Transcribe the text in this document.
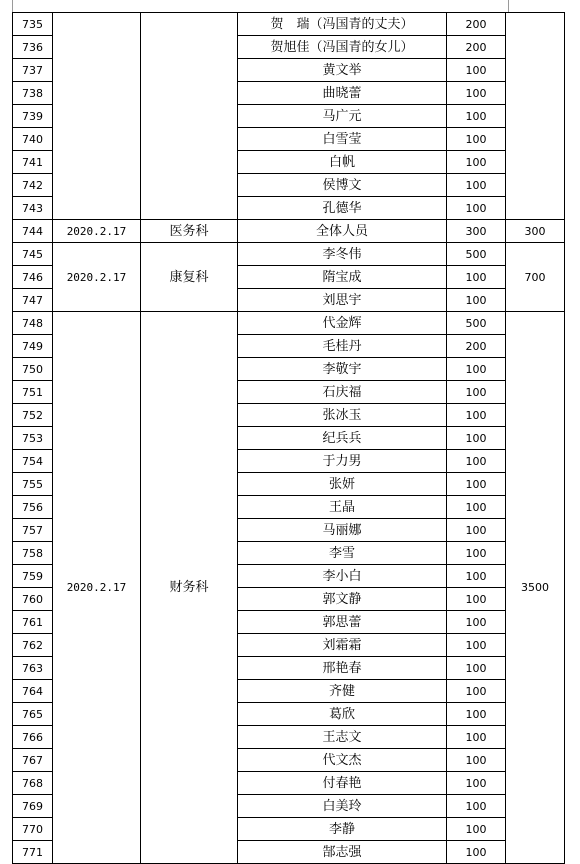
735			贺　瑞（冯国青的丈夫）	200	
736			贺旭佳（冯国青的女儿）	200	
737			黄文举	100	
738			曲晓蕾	100	
739			马广元	100	
740			白雪莹	100	
741			白帆	100	
742			侯博文	100	
743			孔德华	100	
744	2020.2.17	医务科	全体人员	300	300
745	2020.2.17	康复科	李冬伟	500	700
746			隋宝成	100	
747			刘思宇	100	
748	2020.2.17	财务科	代金辉	500	3500
749			毛桂丹	200	
750			李敬宇	100	
751			石庆福	100	
752			张冰玉	100	
753			纪兵兵	100	
754			于力男	100	
755			张妍	100	
756			王晶	100	
757			马丽娜	100	
758			李雪	100	
759			李小白	100	
760			郭文静	100	
761			郭思蕾	100	
762			刘霜霜	100	
763			邢艳春	100	
764			齐健	100	
765			葛欣	100	
766			王志文	100	
767			代文杰	100	
768			付春艳	100	
769			白美玲	100	
770			李静	100	
771			郜志强	100	
